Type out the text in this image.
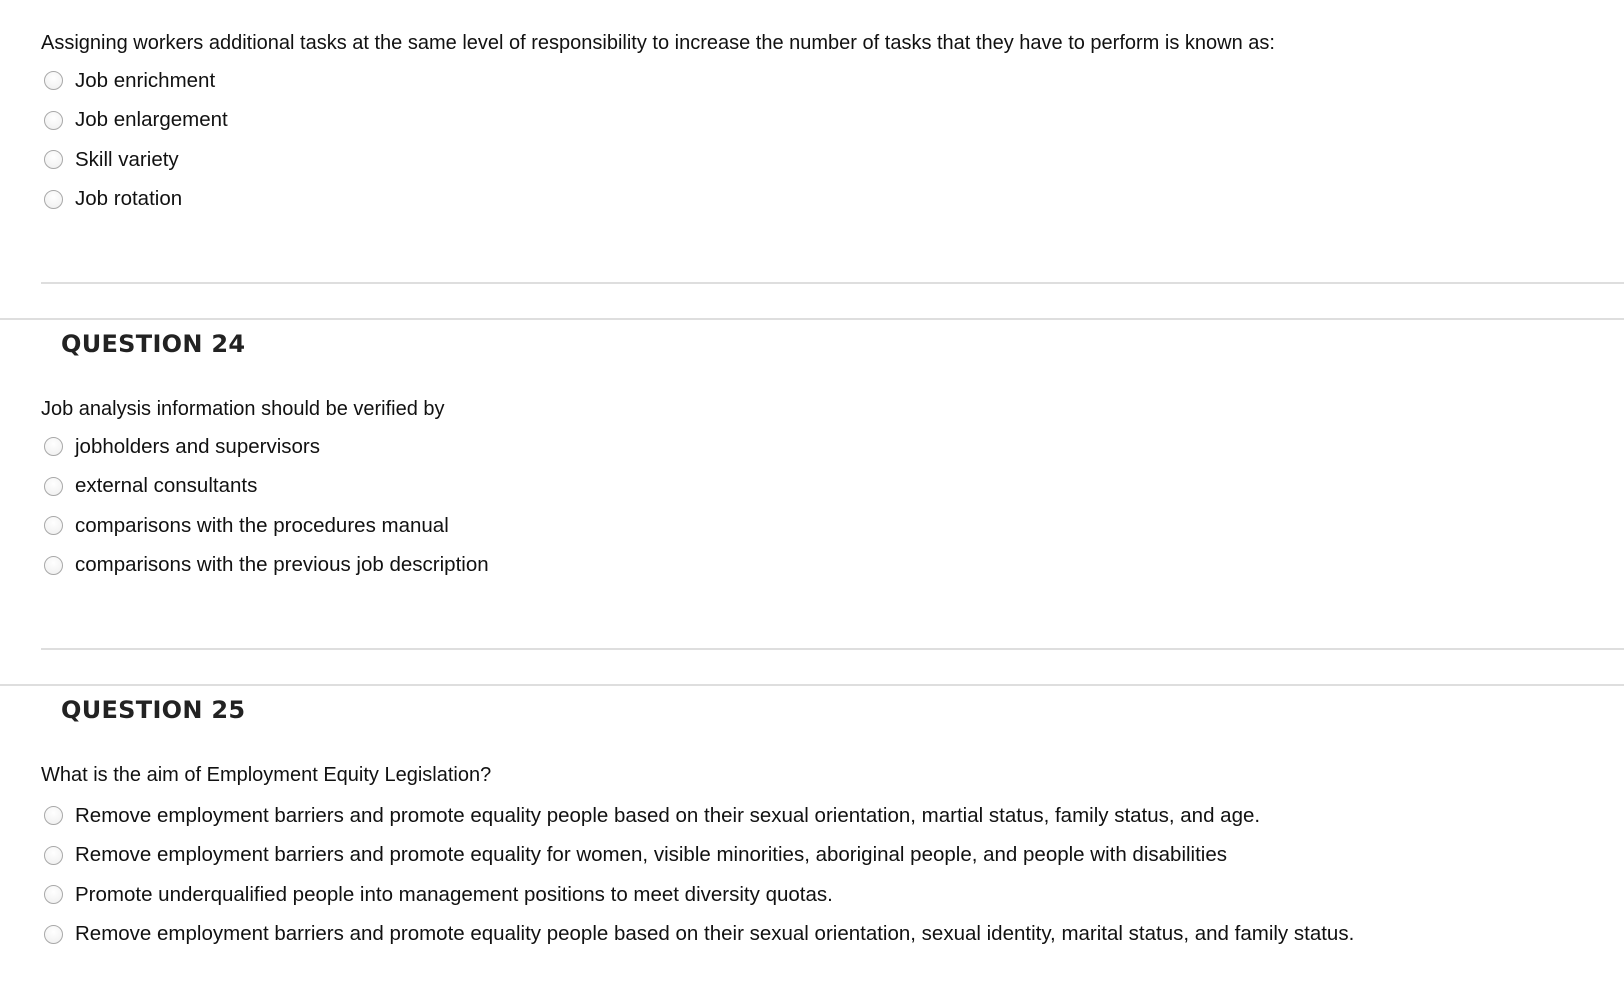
Assigning workers additional tasks at the same level of responsibility to increase the number of tasks that they have to perform is known as:
Job enrichment
Job enlargement
Skill variety
Job rotation
QUESTION 24
Job analysis information should be verified by
jobholders and supervisors
external consultants
comparisons with the procedures manual
comparisons with the previous job description
QUESTION 25
What is the aim of Employment Equity Legislation?
Remove employment barriers and promote equality people based on their sexual orientation, martial status, family status, and age.
Remove employment barriers and promote equality for women, visible minorities, aboriginal people, and people with disabilities
Promote underqualified people into management positions to meet diversity quotas.
Remove employment barriers and promote equality people based on their sexual orientation, sexual identity, marital status, and family status.
